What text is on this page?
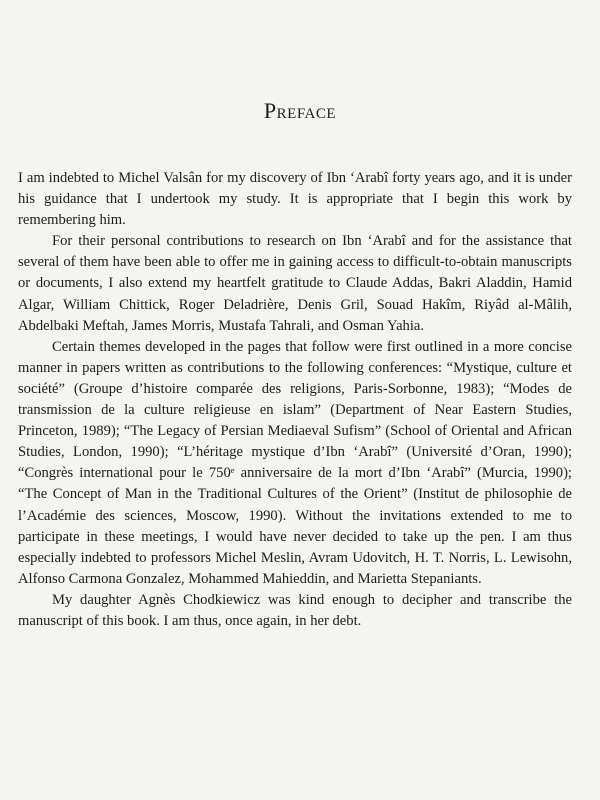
Preface

I am indebted to Michel Valsân for my discovery of Ibn ‘Arabî forty years ago, and it is under his guidance that I undertook my study. It is appropriate that I begin this work by remembering him.

For their personal contributions to research on Ibn ‘Arabî and for the assistance that several of them have been able to offer me in gaining access to difficult-to-obtain manuscripts or documents, I also extend my heartfelt gratitude to Claude Addas, Bakri Aladdin, Hamid Algar, William Chittick, Roger Deladrière, Denis Gril, Souad Hakîm, Riyâd al-Mâlih, Abdelbaki Meftah, James Morris, Mustafa Tahrali, and Osman Yahia.

Certain themes developed in the pages that follow were first outlined in a more concise manner in papers written as contributions to the following conferences: “Mystique, culture et société” (Groupe d’histoire comparée des religions, Paris-Sorbonne, 1983); “Modes de transmission de la culture religieuse en islam” (Department of Near Eastern Studies, Princeton, 1989); “The Legacy of Persian Mediaeval Sufism” (School of Oriental and African Studies, London, 1990); “L’héritage mystique d’Ibn ‘Arabî” (Université d’Oran, 1990); “Congrès international pour le 750ᵉ anniversaire de la mort d’Ibn ‘Arabî” (Murcia, 1990); “The Concept of Man in the Traditional Cultures of the Orient” (Institut de philosophie de l’Académie des sciences, Moscow, 1990). Without the invitations extended to me to participate in these meetings, I would have never decided to take up the pen. I am thus especially indebted to professors Michel Meslin, Avram Udovitch, H. T. Norris, L. Lewisohn, Alfonso Carmona Gonzalez, Mohammed Mahieddin, and Marietta Stepaniants.

My daughter Agnès Chodkiewicz was kind enough to decipher and transcribe the manuscript of this book. I am thus, once again, in her debt.
